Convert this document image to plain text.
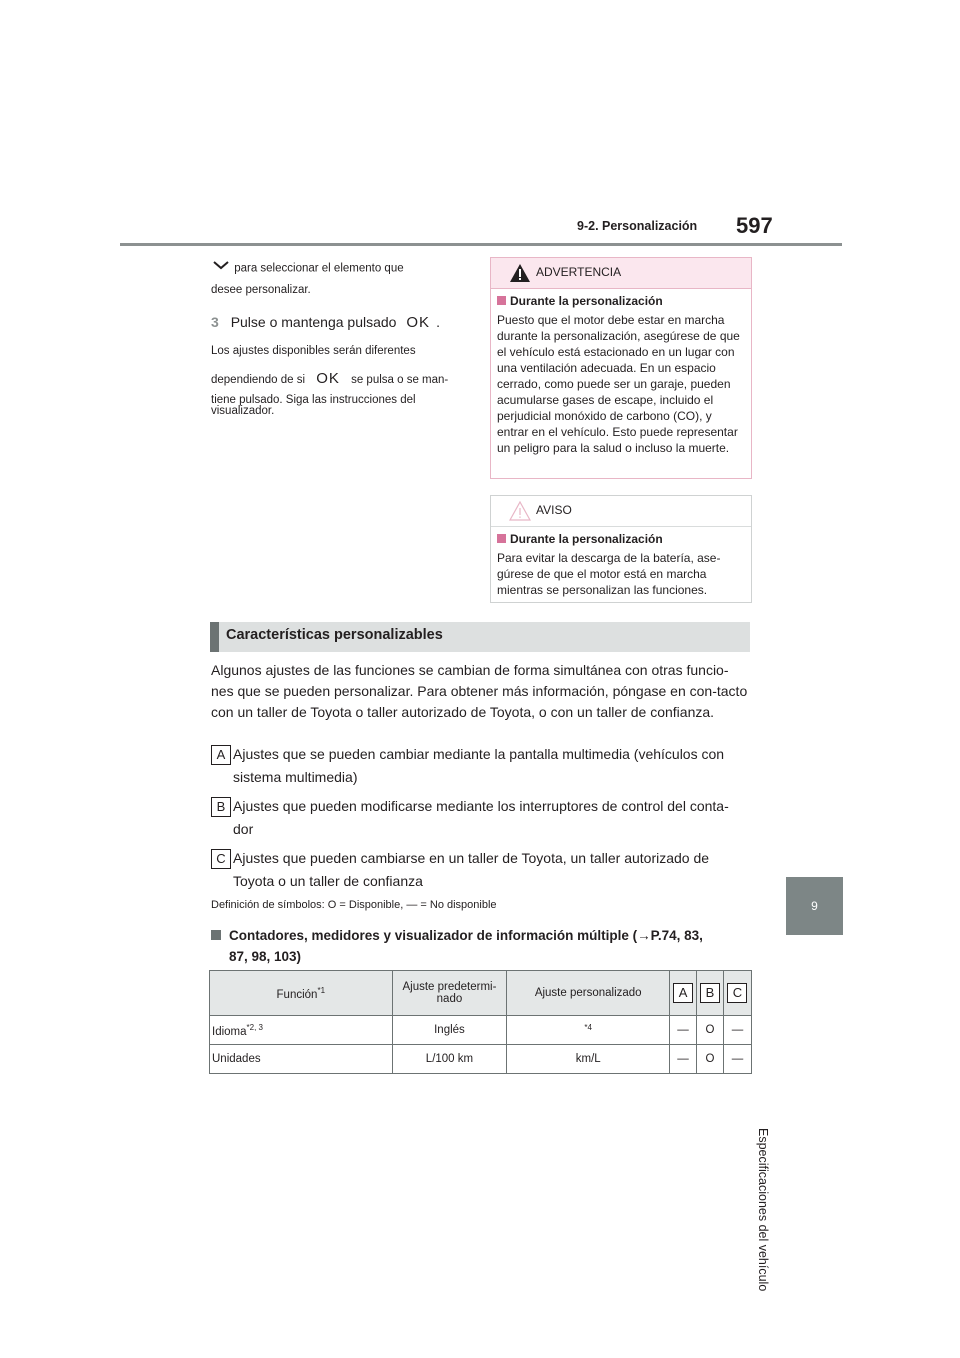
9-2. Personalización 597
9
Especificaciones del vehículo
para seleccionar el elemento que
desee personalizar.
3 Pulse o mantenga pulsado OK .
Los ajustes disponibles serán diferentes
dependiendo de si OK se pulsa o se man-
tiene pulsado. Siga las instrucciones del
visualizador.
ADVERTENCIA
Durante la personalización
Puesto que el motor debe estar en marcha durante la personalización, asegúrese de que el vehículo está estacionado en un lugar con una ventilación adecuada. En un espacio cerrado, como puede ser un garaje, pueden acumularse gases de escape, incluido el perjudicial monóxido de carbono (CO), y entrar en el vehículo. Esto puede representar un peligro para la salud o incluso la muerte.
AVISO
Durante la personalización
Para evitar la descarga de la batería, ase-gúrese de que el motor está en marcha mientras se personalizan las funciones.
Características personalizables
Algunos ajustes de las funciones se cambian de forma simultánea con otras funcio-nes que se pueden personalizar. Para obtener más información, póngase en con-tacto con un taller de Toyota o taller autorizado de Toyota, o con un taller de confianza.
A Ajustes que se pueden cambiar mediante la pantalla multimedia (vehículos con
sistema multimedia)
B Ajustes que pueden modificarse mediante los interruptores de control del conta-
dor
C Ajustes que pueden cambiarse en un taller de Toyota, un taller autorizado de
Toyota o un taller de confianza
Definición de símbolos: O = Disponible, — = No disponible
Contadores, medidores y visualizador de información múltiple (→P.74, 83,
87, 98, 103)
Función$^{*1}$	Ajuste predetermi-
nado	Ajuste personalizado	A	B	C
Idioma$^{*2, 3}$	Inglés	$^{*4}$	—	O	—
Unidades	L/100 km	km/L	—	O	—
